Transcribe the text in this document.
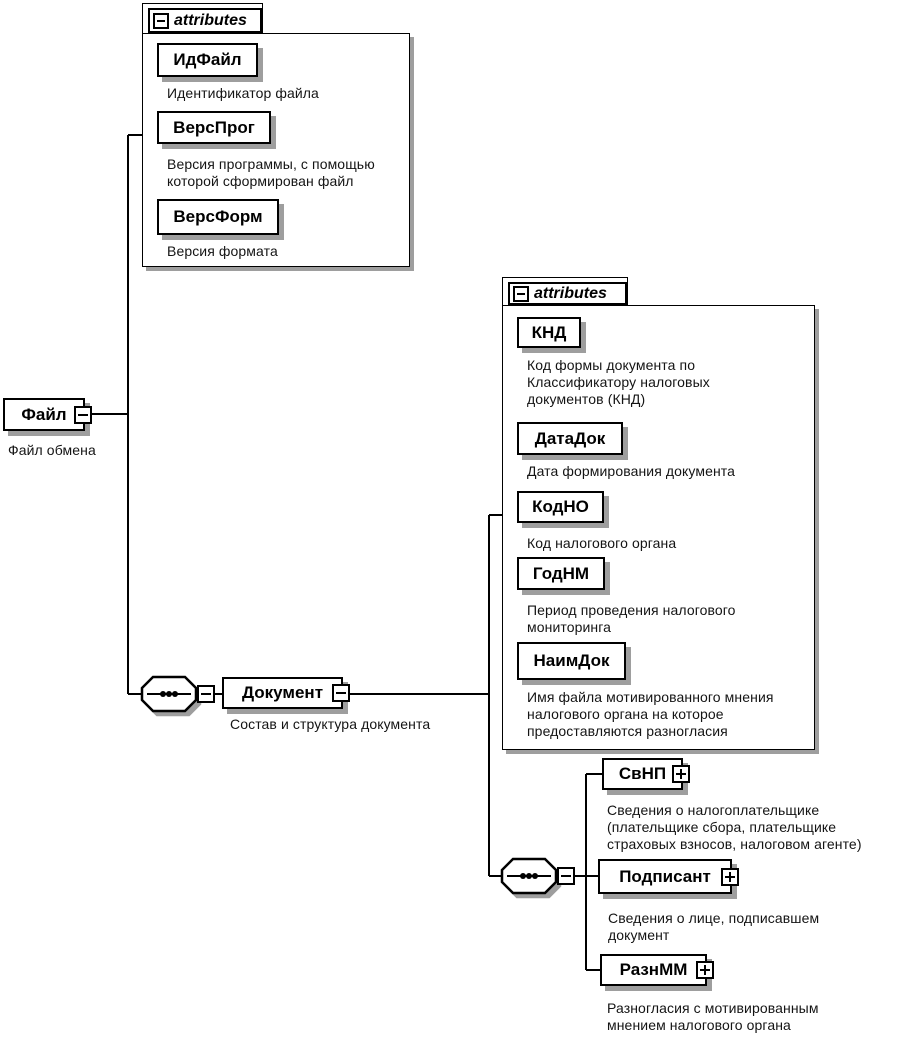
attributes
ИдФайл
Идентификатор файла
ВерсПрог
Версия программы, с помощью которой сформирован файл
ВерсФорм
Версия формата
Файл
Файл обмена
Документ
Состав и структура документа
attributes
КНД
Код формы документа по Классификатору налоговых документов (КНД)
ДатаДок
Дата формирования документа
КодНО
Код налогового органа
ГодНМ
Период проведения налогового мониторинга
НаимДок
Имя файла мотивированного мнения налогового органа на которое предоставляются разногласия
СвНП
Сведения о налогоплательщике (плательщике сбора, плательщике страховых взносов, налоговом агенте)
Подписант
Сведения о лице, подписавшем документ
РазнММ
Разногласия с мотивированным мнением налогового органа
